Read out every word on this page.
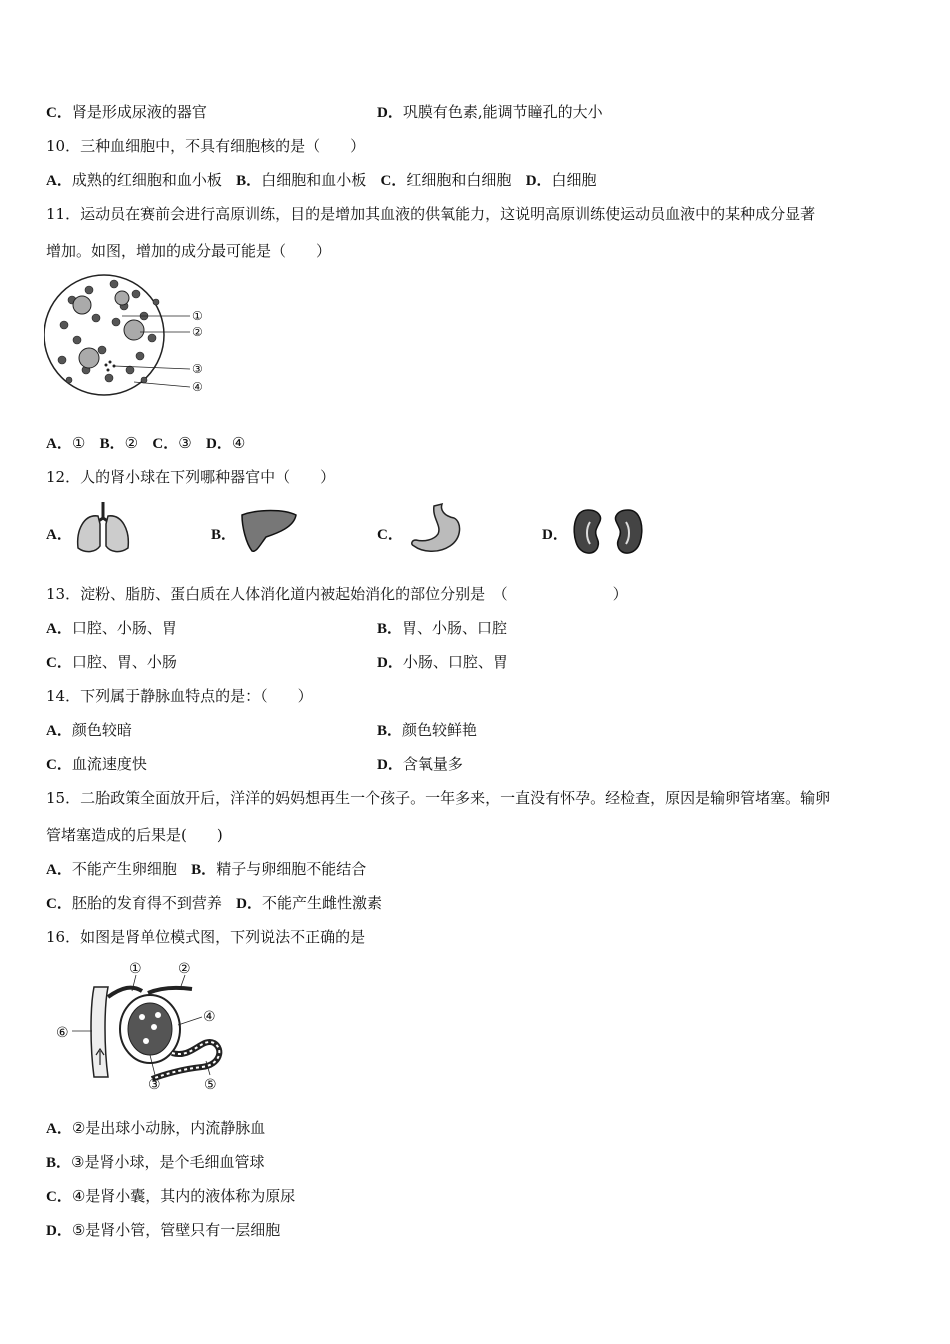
C．肾是形成尿液的器官	D．巩膜有色素,能调节瞳孔的大小
10．三种血细胞中，不具有细胞核的是（　　）
A．成熟的红细胞和血小板 B．白细胞和血小板 C．红细胞和白细胞 D．白细胞
11．运动员在赛前会进行高原训练，目的是增加其血液的供氧能力，这说明高原训练使运动员血液中的某种成分显著
增加。如图，增加的成分最可能是（　　）
①
②
③
④
A．① B．② C．③ D．④
12．人的肾小球在下列哪种器官中（　　）
A．	B．	C．	D．
13．淀粉、脂肪、蛋白质在人体消化道内被起始消化的部位分别是　（　　　　　　　）
A．口腔、小肠、胃	B．胃、小肠、口腔
C．口腔、胃、小肠	D．小肠、口腔、胃
14．下列属于静脉血特点的是：（　　）
A．颜色较暗	B．颜色较鲜艳
C．血流速度快	D．含氧量多
15．二胎政策全面放开后，洋洋的妈妈想再生一个孩子。一年多来，一直没有怀孕。经检查，原因是输卵管堵塞。输卵
管堵塞造成的后果是(　　)
A．不能产生卵细胞 B．精子与卵细胞不能结合
C．胚胎的发育得不到营养 D．不能产生雌性激素
16．如图是肾单位模式图，下列说法不正确的是
①	②
③
④
⑤
⑥
A．②是出球小动脉，内流静脉血
B．③是肾小球，是个毛细血管球
C．④是肾小囊，其内的液体称为原尿
D．⑤是肾小管，管壁只有一层细胞
